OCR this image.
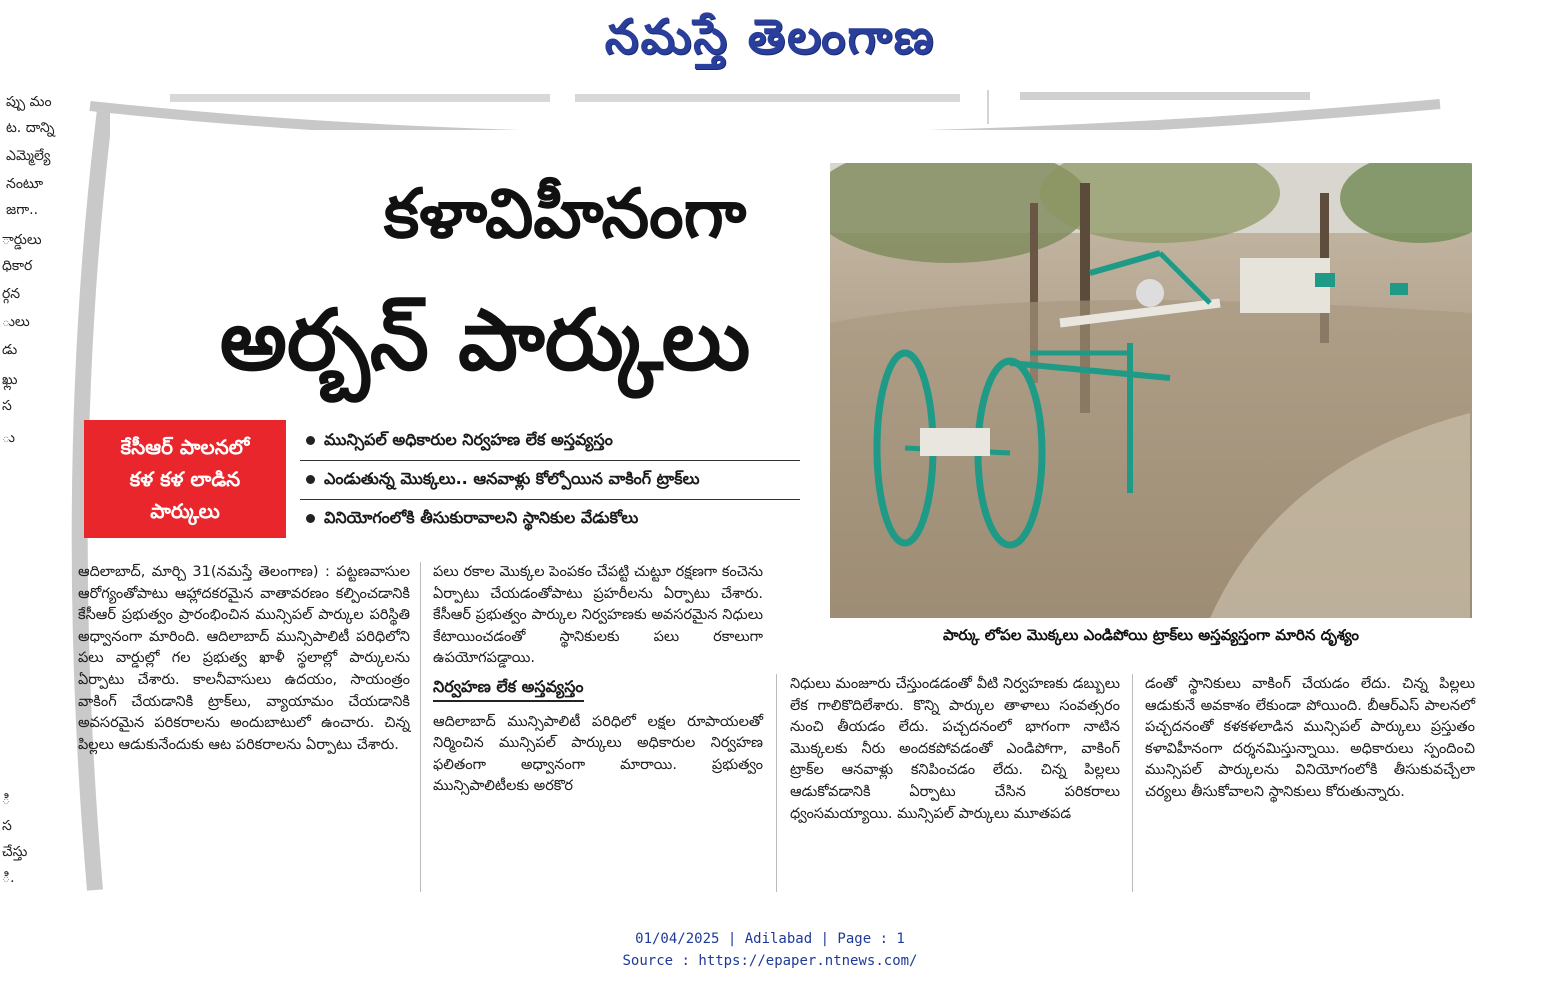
నమస్తే తెలంగాణ
ప్పు మం
ట. దాన్ని
ఎమ్మెల్యే
నంటూ
జగా..
ార్డులు
ధికార
ర్గన
ులు
డు
ఖ్లు
స
ు
ి
స
చేస్తు
ి.
కళావిహీనంగా
అర్బన్ పార్కులు
కేసీఆర్ పాలనలో
కళ కళ లాడిన
పార్కులు
మున్సిపల్ అధికారుల నిర్వహణ లేక అస్తవ్యస్తం
ఎండుతున్న మొక్కలు.. ఆనవాళ్లు కోల్పోయిన వాకింగ్ ట్రాక్‌లు
వినియోగంలోకి తీసుకురావాలని స్థానికుల వేడుకోలు
పార్కు లోపల మొక్కలు ఎండిపోయి ట్రాక్‌లు అస్తవ్యస్తంగా మారిన దృశ్యం

ఆదిలాబాద్, మార్చి 31(నమస్తే తెలంగాణ) : పట్టణవాసుల ఆరోగ్యంతోపాటు ఆహ్లాదకరమైన వాతావరణం కల్పించడానికి కేసీఆర్ ప్రభుత్వం ప్రారంభించిన మున్సిపల్ పార్కుల పరిస్థితి అధ్వానంగా మారింది. ఆదిలాబాద్ మున్సిపాలిటీ పరిధిలోని పలు వార్డుల్లో గల ప్రభుత్వ ఖాళీ స్థలాల్లో పార్కులను ఏర్పాటు చేశారు. కాలనీవాసులు ఉదయం, సాయంత్రం వాకింగ్ చేయడానికి ట్రాక్‌లు, వ్యాయామం చేయడానికి అవసరమైన పరికరాలను అందుబాటులో ఉంచారు. చిన్న పిల్లలు ఆడుకునేందుకు ఆట పరికరాలను ఏర్పాటు చేశారు.

పలు రకాల మొక్కల పెంపకం చేపట్టి చుట్టూ రక్షణగా కంచెను ఏర్పాటు చేయడంతోపాటు ప్రహరీలను ఏర్పాటు చేశారు. కేసీఆర్ ప్రభుత్వం పార్కుల నిర్వహణకు అవసరమైన నిధులు కేటాయించడంతో స్థానికులకు పలు రకాలుగా ఉపయోగపడ్డాయి.

నిర్వహణ లేక అస్తవ్యస్తం

ఆదిలాబాద్ మున్సిపాలిటీ పరిధిలో లక్షల రూపాయలతో నిర్మించిన మున్సిపల్ పార్కులు అధికారుల నిర్వహణ ఫలితంగా అధ్వానంగా మారాయి. ప్రభుత్వం మున్సిపాలిటీలకు అరకొర

నిధులు మంజూరు చేస్తుండడంతో వీటి నిర్వహణకు డబ్బులు లేక గాలికొదిలేశారు. కొన్ని పార్కుల తాళాలు సంవత్సరం నుంచి తీయడం లేదు. పచ్చదనంలో భాగంగా నాటిన మొక్కలకు నీరు అందకపోవడంతో ఎండిపోగా, వాకింగ్ ట్రాక్‌ల ఆనవాళ్లు కనిపించడం లేదు. చిన్న పిల్లలు ఆడుకోవడానికి ఏర్పాటు చేసిన పరికరాలు ధ్వంసమయ్యాయి. మున్సిపల్ పార్కులు మూతపడ

డంతో స్థానికులు వాకింగ్ చేయడం లేదు. చిన్న పిల్లలు ఆడుకునే అవకాశం లేకుండా పోయింది. బీఆర్‌ఎస్ పాలనలో పచ్చదనంతో కళకళలాడిన మున్సిపల్ పార్కులు ప్రస్తుతం కళావిహీనంగా దర్శనమిస్తున్నాయి. అధికారులు స్పందించి మున్సిపల్ పార్కులను వినియోగంలోకి తీసుకువచ్చేలా చర్యలు తీసుకోవాలని స్థానికులు కోరుతున్నారు.

01/04/2025 | Adilabad | Page : 1
Source : https://epaper.ntnews.com/
